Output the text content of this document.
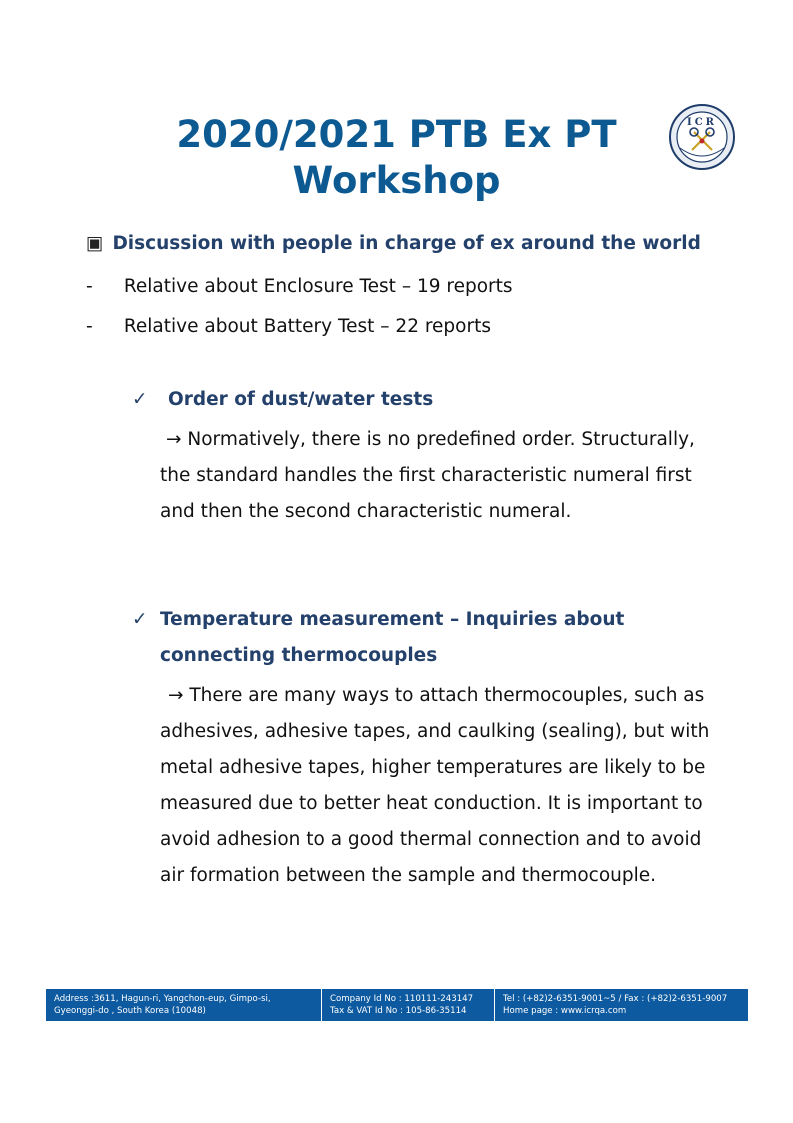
2020/2021 PTB Ex PT
Workshop
ICR

▣ Discussion with people in charge of ex around the world

- Relative about Enclosure Test – 19 reports
- Relative about Battery Test – 22 reports

✓ Order of dust/water tests

→ Normatively, there is no predefined order. Structurally, the standard handles the first characteristic numeral first and then the second characteristic numeral.

✓ Temperature measurement – Inquiries about
connecting thermocouples

→ There are many ways to attach thermocouples, such as adhesives, adhesive tapes, and caulking (sealing), but with metal adhesive tapes, higher temperatures are likely to be measured due to better heat conduction. It is important to avoid adhesion to a good thermal connection and to avoid air formation between the sample and thermocouple.

Address :3611, Hagun-ri, Yangchon-eup, Gimpo-si,
Gyeonggi-do , South Korea (10048)
Company Id No : 110111-243147
Tax & VAT Id No : 105-86-35114
Tel : (+82)2-6351-9001~5 / Fax : (+82)2-6351-9007
Home page : www.icrqa.com
